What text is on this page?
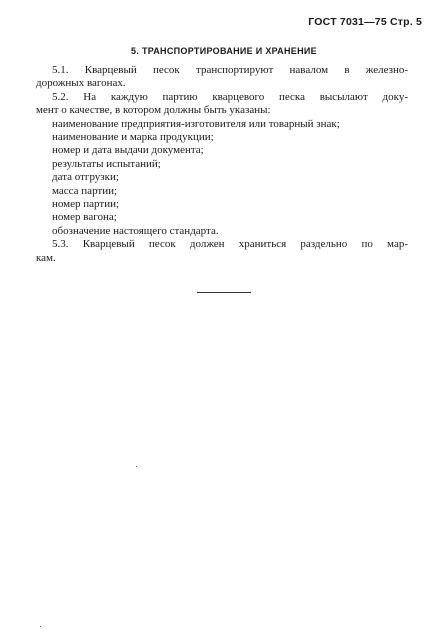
ГОСТ 7031—75 Стр. 5
5. ТРАНСПОРТИРОВАНИЕ И ХРАНЕНИЕ
5.1. Кварцевый песок транспортируют навалом в железно-
дорожных вагонах.
5.2. На каждую партию кварцевого песка высылают доку-
мент о качестве, в котором должны быть указаны:
наименование предприятия-изготовителя или товарный знак;
наименование и марка продукции;
номер и дата выдачи документа;
результаты испытаний;
дата отгрузки;
масса партии;
номер партии;
номер вагона;
обозначение настоящего стандарта.
5.3. Кварцевый песок должен храниться раздельно по мар-
кам.
